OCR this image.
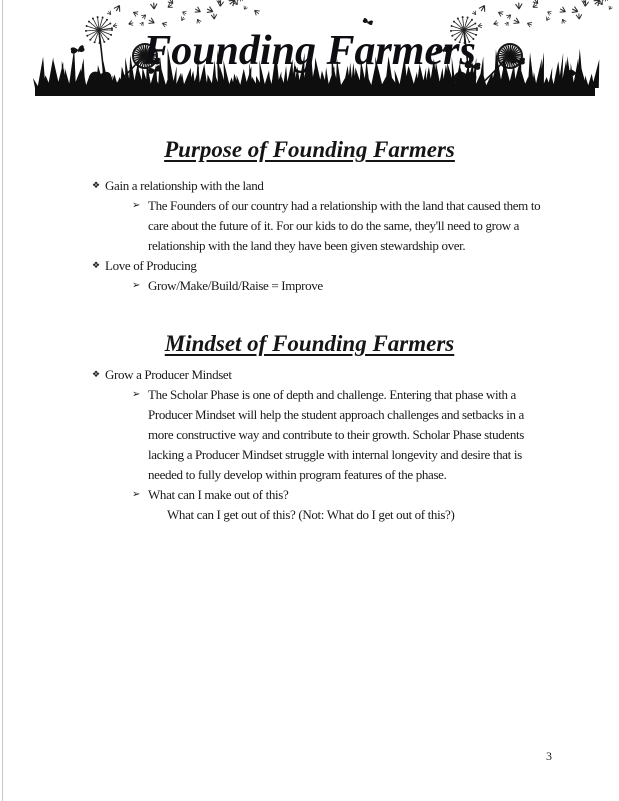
Founding Farmers
Purpose of Founding Farmers
❖ Gain a relationship with the land
➢ The Founders of our country had a relationship with the land that caused them to
care about the future of it. For our kids to do the same, they'll need to grow a
relationship with the land they have been given stewardship over.
❖ Love of Producing
➢ Grow/Make/Build/Raise = Improve
Mindset of Founding Farmers
❖ Grow a Producer Mindset
➢ The Scholar Phase is one of depth and challenge. Entering that phase with a
Producer Mindset will help the student approach challenges and setbacks in a
more constructive way and contribute to their growth. Scholar Phase students
lacking a Producer Mindset struggle with internal longevity and desire that is
needed to fully develop within program features of the phase.
➢ What can I make out of this?
What can I get out of this? (Not: What do I get out of this?)
3
